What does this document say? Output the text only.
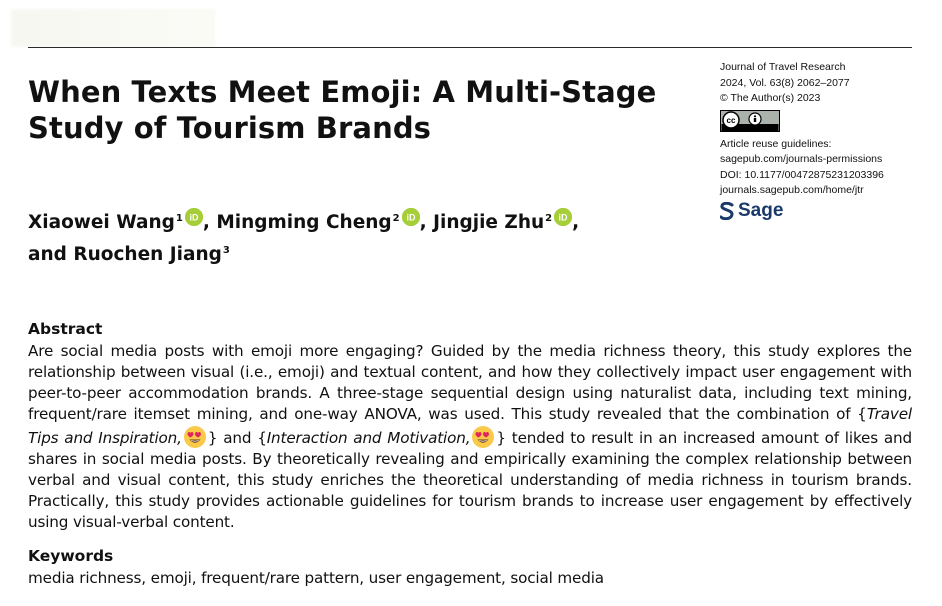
When Texts Meet Emoji: A Multi-Stage Study of Tourism Brands
Xiaowei Wang$^1$ iD , Mingming Cheng$^2$ iD , Jingjie Zhu$^2$ iD ,
and Ruochen Jiang$^3$
Journal of Travel Research
2024, Vol. 63(8) 2062–2077
© The Author(s) 2023
cc
Article reuse guidelines:
sagepub.com/journals-permissions
DOI: 10.1177/00472875231203396
journals.sagepub.com/home/jtr
Sage
Abstract

Are social media posts with emoji more engaging? Guided by the media richness theory, this study explores the relationship between visual (i.e., emoji) and textual content, and how they collectively impact user engagement with peer-to-peer accommodation brands. A three-stage sequential design using naturalist data, including text mining, frequent/rare itemset mining, and one-way ANOVA, was used. This study revealed that the combination of {Travel Tips and Inspiration, } and {Interaction and Motivation, } tended to result in an increased amount of likes and shares in social media posts. By theoretically revealing and empirically examining the complex relationship between verbal and visual content, this study enriches the theoretical understanding of media richness in tourism brands. Practically, this study provides actionable guidelines for tourism brands to increase user engagement by effectively using visual-verbal content.

Keywords
media richness, emoji, frequent/rare pattern, user engagement, social media
